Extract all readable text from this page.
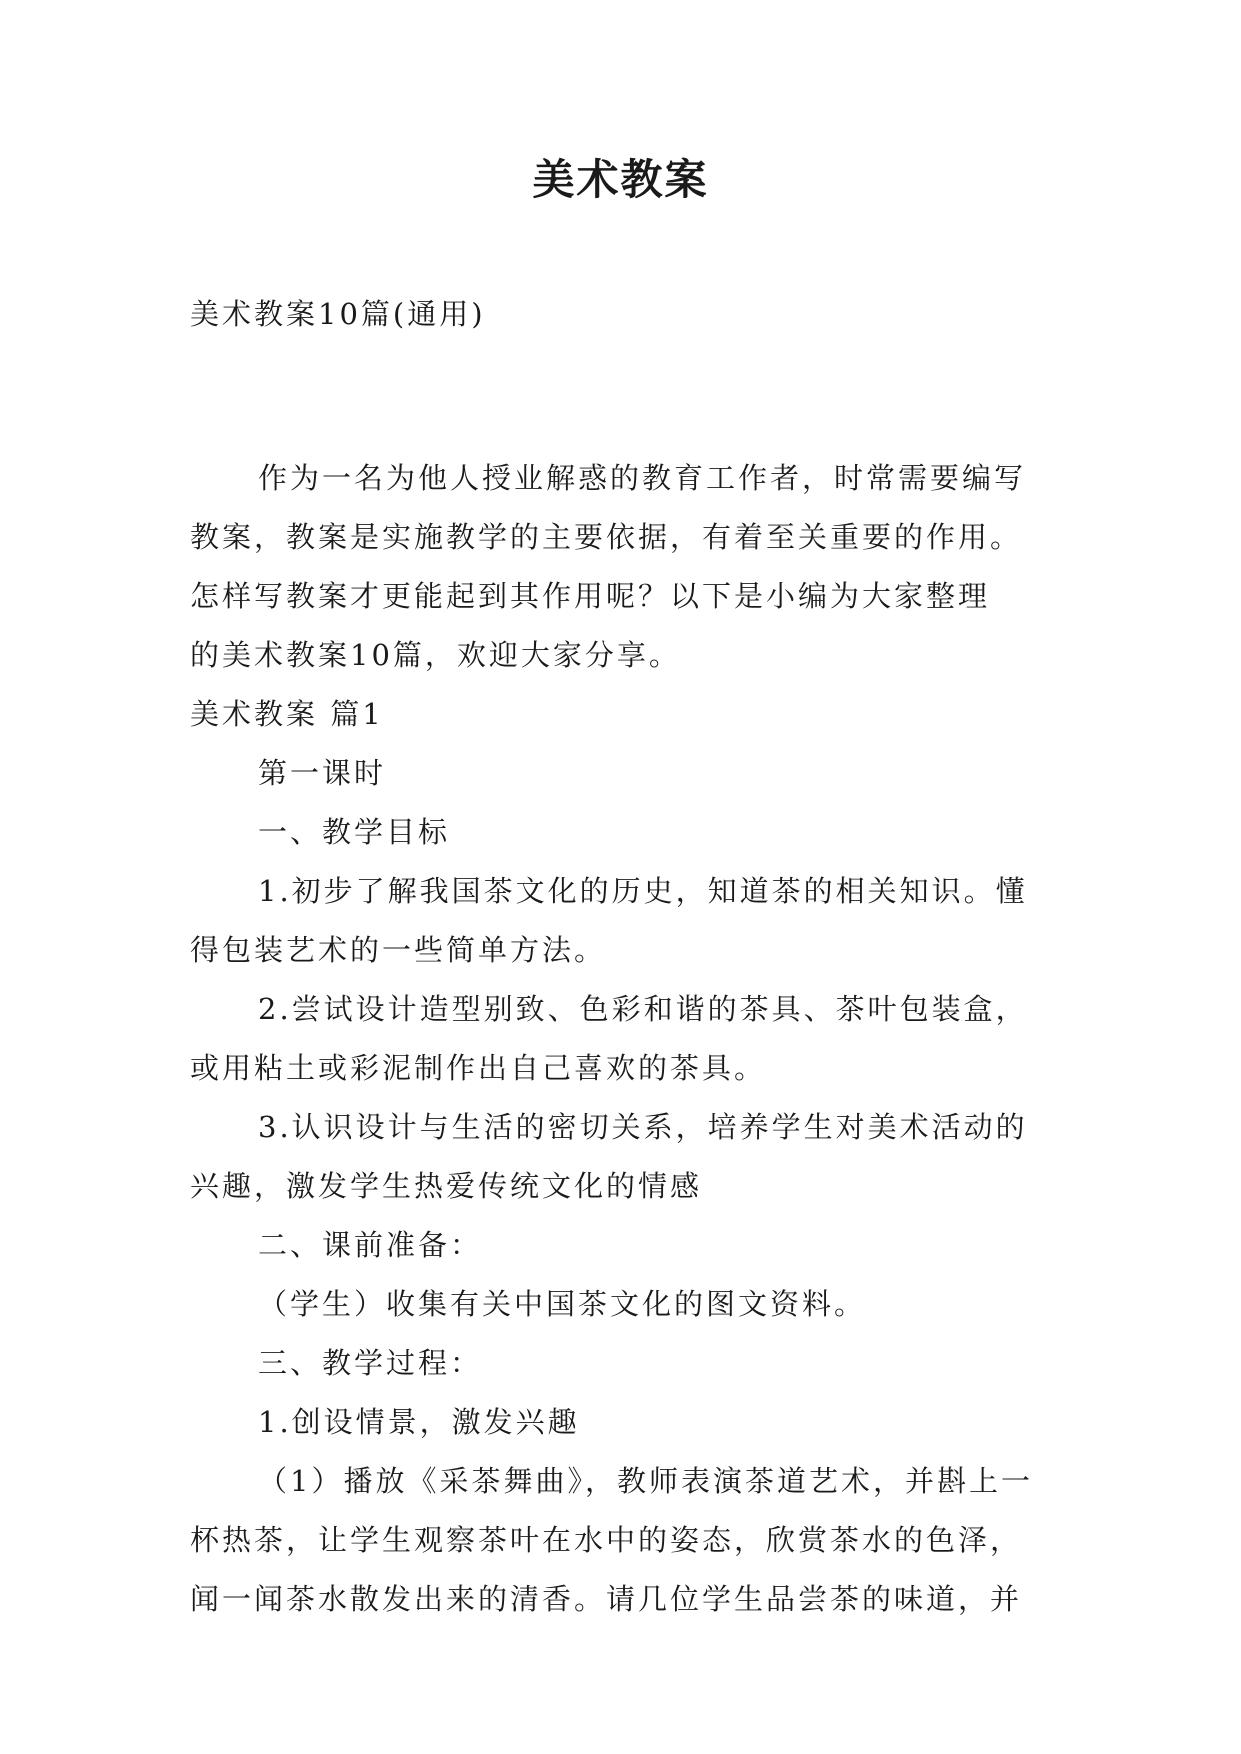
美术教案
美术教案10篇(通用)
作为一名为他人授业解惑的教育工作者，时常需要编写
教案，教案是实施教学的主要依据，有着至关重要的作用。
怎样写教案才更能起到其作用呢？以下是小编为大家整理
的美术教案10篇，欢迎大家分享。
美术教案 篇1
第一课时
一、教学目标
1.初步了解我国茶文化的历史，知道茶的相关知识。懂
得包装艺术的一些简单方法。
2.尝试设计造型别致、色彩和谐的茶具、茶叶包装盒，
或用粘土或彩泥制作出自己喜欢的茶具。
3.认识设计与生活的密切关系，培养学生对美术活动的
兴趣，激发学生热爱传统文化的情感
二、课前准备：
（学生）收集有关中国茶文化的图文资料。
三、教学过程：
1.创设情景，激发兴趣
（1）播放《采茶舞曲》，教师表演茶道艺术，并斟上一
杯热茶，让学生观察茶叶在水中的姿态，欣赏茶水的色泽，
闻一闻茶水散发出来的清香。请几位学生品尝茶的味道，并
